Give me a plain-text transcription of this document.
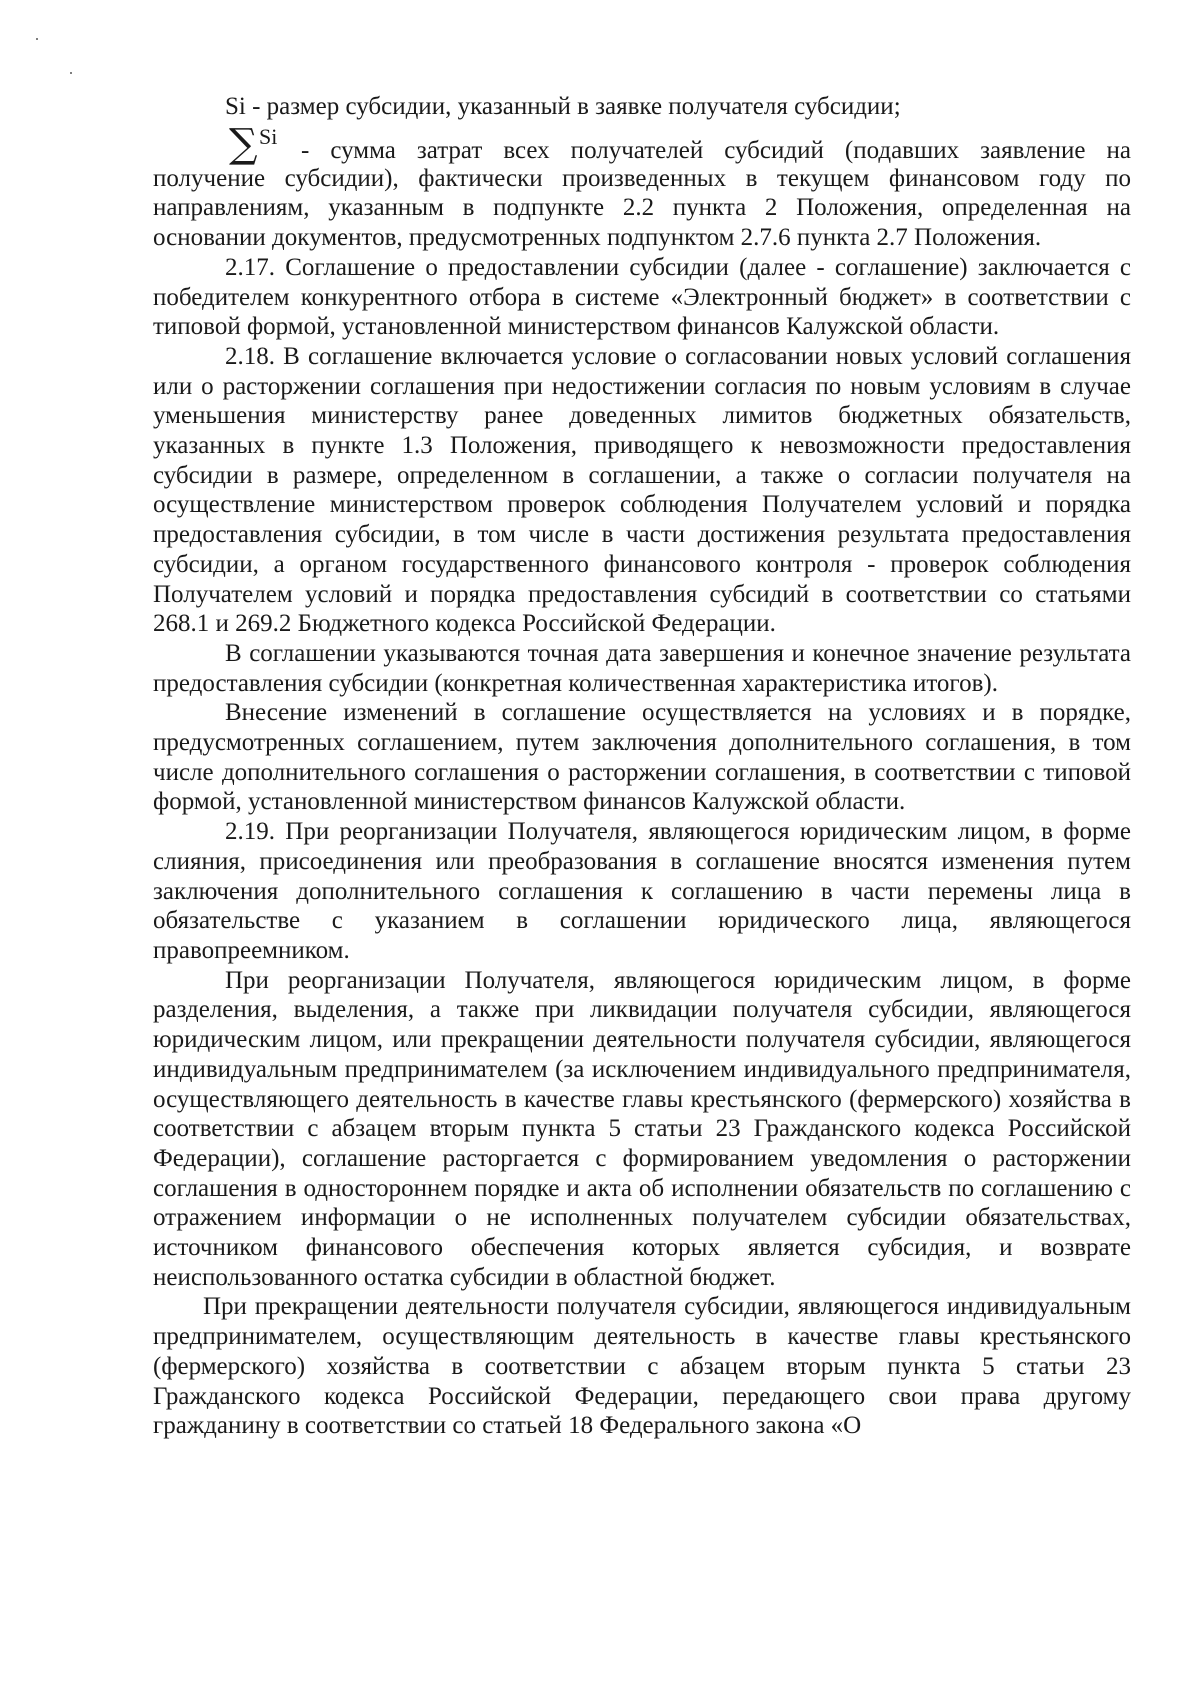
Si - размер субсидии, указанный в заявке получателя субсидии;

∑ Si
- сумма затрат всех получателей субсидий (подавших заявление на

получение субсидии), фактически произведенных в текущем финансовом году по направлениям, указанным в подпункте 2.2 пункта 2 Положения, определенная на основании документов, предусмотренных подпунктом 2.7.6 пункта 2.7 Положения.

2.17. Соглашение о предоставлении субсидии (далее - соглашение) заключается с победителем конкурентного отбора в системе «Электронный бюджет» в соответствии с типовой формой, установленной министерством финансов Калужской области.

2.18. В соглашение включается условие о согласовании новых условий соглашения или о расторжении соглашения при недостижении согласия по новым условиям в случае уменьшения министерству ранее доведенных лимитов бюджетных обязательств, указанных в пункте 1.3 Положения, приводящего к невозможности предоставления субсидии в размере, определенном в соглашении, а также о согласии получателя на осуществление министерством проверок соблюдения Получателем условий и порядка предоставления субсидии, в том числе в части достижения результата предоставления субсидии, а органом государственного финансового контроля - проверок соблюдения Получателем условий и порядка предоставления субсидий в соответствии со статьями 268.1 и 269.2 Бюджетного кодекса Российской Федерации.

В соглашении указываются точная дата завершения и конечное значение результата предоставления субсидии (конкретная количественная характеристика итогов).

Внесение изменений в соглашение осуществляется на условиях и в порядке, предусмотренных соглашением, путем заключения дополнительного соглашения, в том числе дополнительного соглашения о расторжении соглашения, в соответствии с типовой формой, установленной министерством финансов Калужской области.

2.19. При реорганизации Получателя, являющегося юридическим лицом, в форме слияния, присоединения или преобразования в соглашение вносятся изменения путем заключения дополнительного соглашения к соглашению в части перемены лица в обязательстве с указанием в соглашении юридического лица, являющегося правопреемником.

При реорганизации Получателя, являющегося юридическим лицом, в форме разделения, выделения, а также при ликвидации получателя субсидии, являющегося юридическим лицом, или прекращении деятельности получателя субсидии, являющегося индивидуальным предпринимателем (за исключением индивидуального предпринимателя, осуществляющего деятельность в качестве главы крестьянского (фермерского) хозяйства в соответствии с абзацем вторым пункта 5 статьи 23 Гражданского кодекса Российской Федерации), соглашение расторгается с формированием уведомления о расторжении соглашения в одностороннем порядке и акта об исполнении обязательств по соглашению с отражением информации о не исполненных получателем субсидии обязательствах, источником финансового обеспечения которых является субсидия, и возврате неиспользованного остатка субсидии в областной бюджет.

При прекращении деятельности получателя субсидии, являющегося индивидуальным предпринимателем, осуществляющим деятельность в качестве главы крестьянского (фермерского) хозяйства в соответствии с абзацем вторым пункта 5 статьи 23 Гражданского кодекса Российской Федерации, передающего свои права другому гражданину в соответствии со статьей 18 Федерального закона «О
